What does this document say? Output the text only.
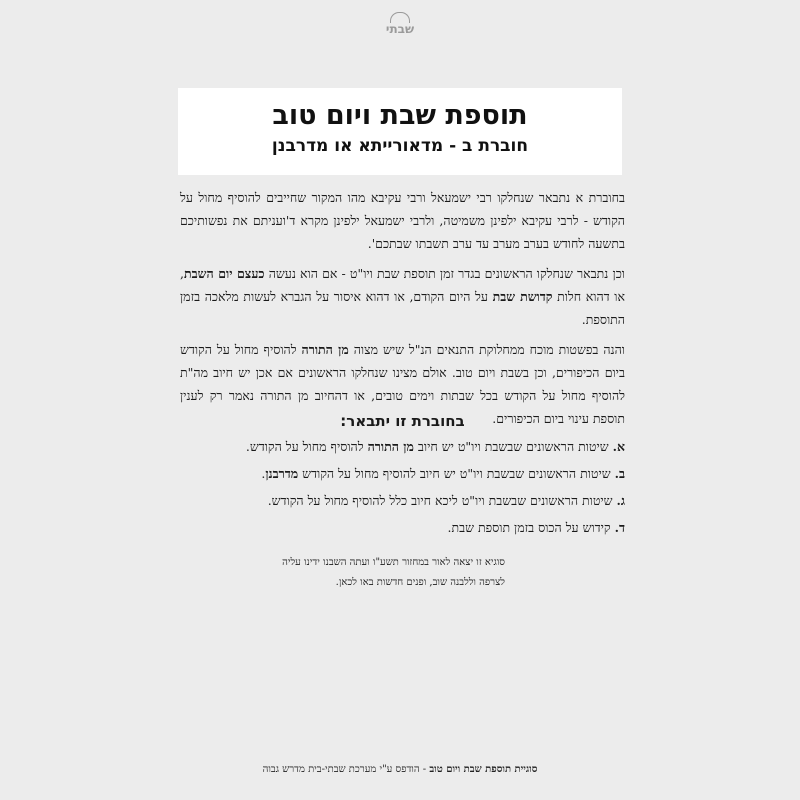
שבתי
תוספת שבת ויום טוב
חוברת ב - מדאורייתא או מדרבנן

בחוברת א נתבאר שנחלקו רבי ישמעאל ורבי עקיבא מהו המקור שחייבים להוסיף מחול על הקודש - לרבי עקיבא ילפינן משמיטה, ולרבי ישמעאל ילפינן מקרא ד'ועניתם את נפשותיכם בתשעה לחודש בערב מערב עד ערב תשבתו שבתכם'.

וכן נתבאר שנחלקו הראשונים בגדר זמן תוספת שבת ויו"ט - אם הוא נעשה כעצם יום השבת, או דהוא חלות קדושת שבת על היום הקודם, או דהוא איסור על הגברא לעשות מלאכה בזמן התוספת.

והנה בפשטות מוכח ממחלוקת התנאים הנ"ל שיש מצוה מן התורה להוסיף מחול על הקודש ביום הכיפורים, וכן בשבת ויום טוב. אולם מצינו שנחלקו הראשונים אם אכן יש חיוב מה"ת להוסיף מחול על הקודש בכל שבתות וימים טובים, או דהחיוב מן התורה נאמר רק לענין תוספת עינוי ביום הכיפורים.

בחוברת זו יתבאר:
א.שיטות הראשונים שבשבת ויו"ט יש חיוב מן התורה להוסיף מחול על הקודש.
ב.שיטות הראשונים שבשבת ויו"ט יש חיוב להוסיף מחול על הקודש מדרבנן.
ג.שיטות הראשונים שבשבת ויו"ט ליכא חיוב כלל להוסיף מחול על הקודש.
ד.קידוש על הכוס בזמן תוספת שבת.
סוגיא זו יצאה לאור במחזור תשע"ו ועתה השבנו ידינו עליה
לצרפה וללבנה שוב, ופנים חדשות באו לכאן.
סוגיית תוספת שבת ויום טוב - הודפס ע"י מערכת שבתי-בית מדרש גבוה
